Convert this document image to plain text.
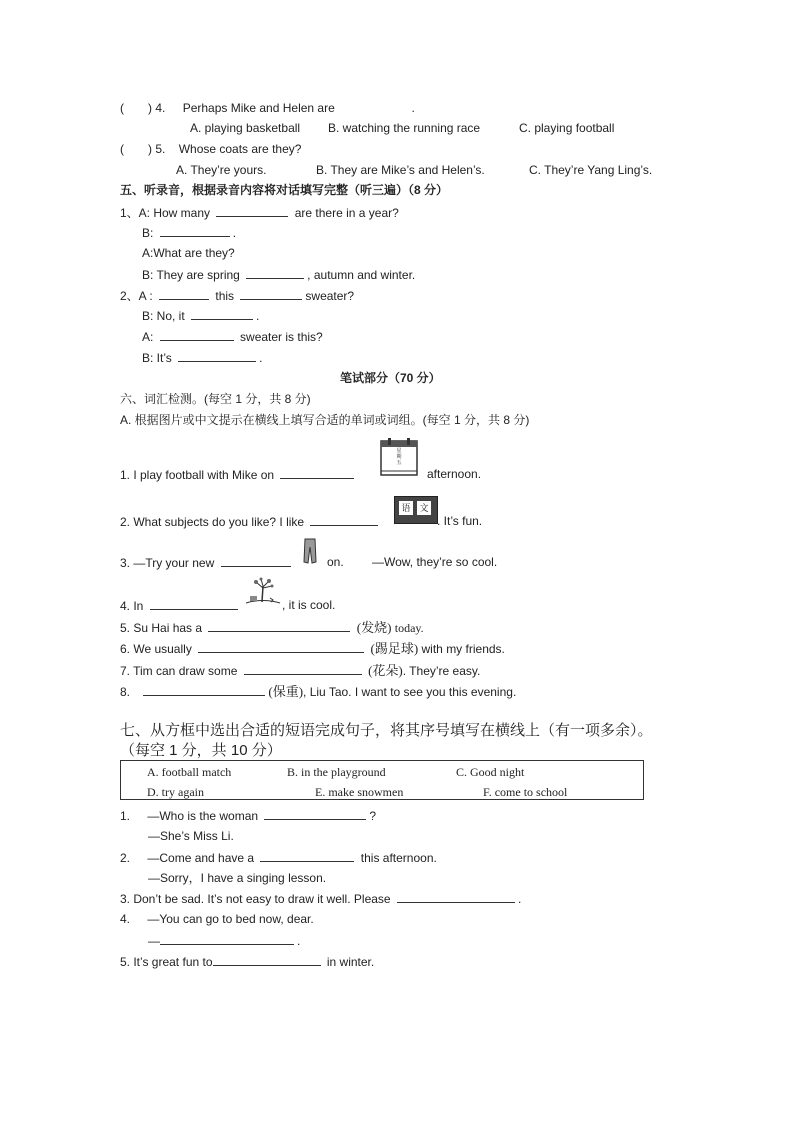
(　　) 4. Perhaps Mike and Helen are	.
A. playing basketball B. watching the running race	C. playing football
(　　) 5. Whose coats are they?
A. They’re yours.	B. They are Mike’s and Helen’s.	C. They’re Yang Ling’s.
五、听录音，根据录音内容将对话填写完整（听三遍）（8 分）
1、A: How many	are there in a year?
B:	.
A:What are they?
B: They are spring	, autumn and winter.
2、A :	this	sweater?
B: No, it	.
A:	sweater is this?
B: It’s	.
笔试部分（70 分）
六、词汇检测。(每空 1 分，共 8 分)
A. 根据图片或中文提示在横线上填写合适的单词或词组。(每空 1 分，共 8 分)
1. I play football with Mike on
星
期
五
afternoon.
2. What subjects do you like? I like
语 文
. It’s fun.
3. —Try your new	on. —Wow, they’re so cool.
4. In	, it is cool.
5. Su Hai has a	(发烧) today.
6. We usually	(踢足球) with my friends.
7. Tim can draw some	(花朵). They’re easy.
8.	(保重), Liu Tao. I want to see you this evening.
七、从方框中选出合适的短语完成句子，将其序号填写在横线上（有一项多余）。
（每空 1 分，共 10 分）
A. football match	B. in the playground	C. Good night
D. try again	E. make snowmen	F. come to school
1. —Who is the woman	?
—She’s Miss Li.
2. —Come and have a	this afternoon.
—Sorry，I have a singing lesson.
3. Don’t be sad. It’s not easy to draw it well. Please	.
4. —You can go to bed now, dear.
—	.
5. It’s great fun to	in winter.
